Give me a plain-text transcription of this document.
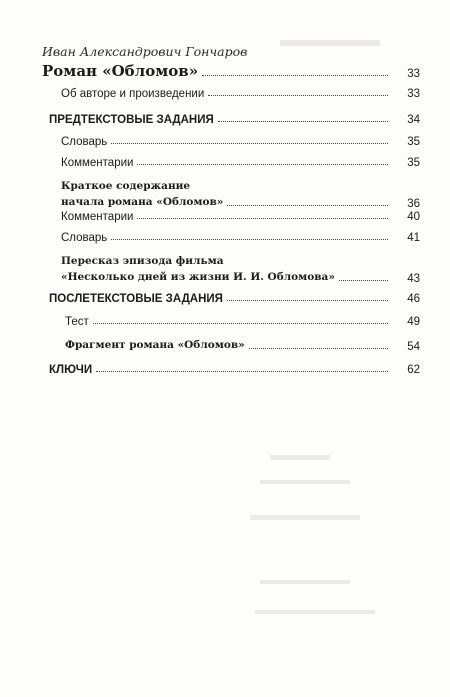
Иван Александрович Гончаров
Роман «Обломов»	33
Об авторе и произведении	33
ПРЕДТЕКСТОВЫЕ ЗАДАНИЯ	34
Словарь	35
Комментарии	35
Краткое содержание
начала романа «Обломов»	36
Комментарии	40
Словарь	41
Пересказ эпизода фильма
«Несколько дней из жизни И. И. Обломова»	43
ПОСЛЕТЕКСТОВЫЕ ЗАДАНИЯ	46
Тест	49
Фрагмент романа «Обломов»	54
КЛЮЧИ	62
